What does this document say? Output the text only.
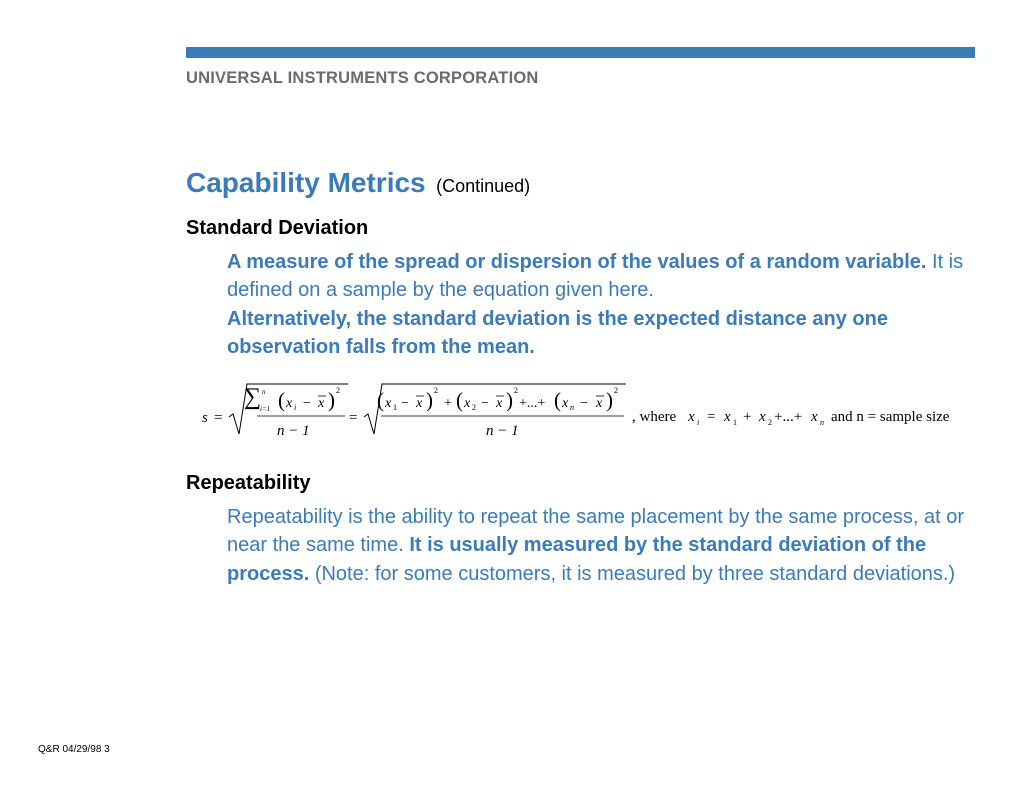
UNIVERSAL INSTRUMENTS CORPORATION
Capability Metrics (Continued)
Standard Deviation
A measure of the spread or dispersion of the values of a random variable. It is defined on a sample by the equation given here.
Alternatively, the standard deviation is the expected distance any one observation falls from the mean.
s =
∑ n
i=1 ( x i − x ) 2
n − 1
=
( x 1 − x ) 2
+ ( x 2 − x ) 2
+...+ ( x n − x ) 2
n − 1
, where x i = x 1 + x 2 +...+ x n and n = sample size
Repeatability
Repeatability is the ability to repeat the same placement by the same process, at or near the same time. It is usually measured by the standard deviation of the process. (Note: for some customers, it is measured by three standard deviations.)
Q&R 04/29/98 3
